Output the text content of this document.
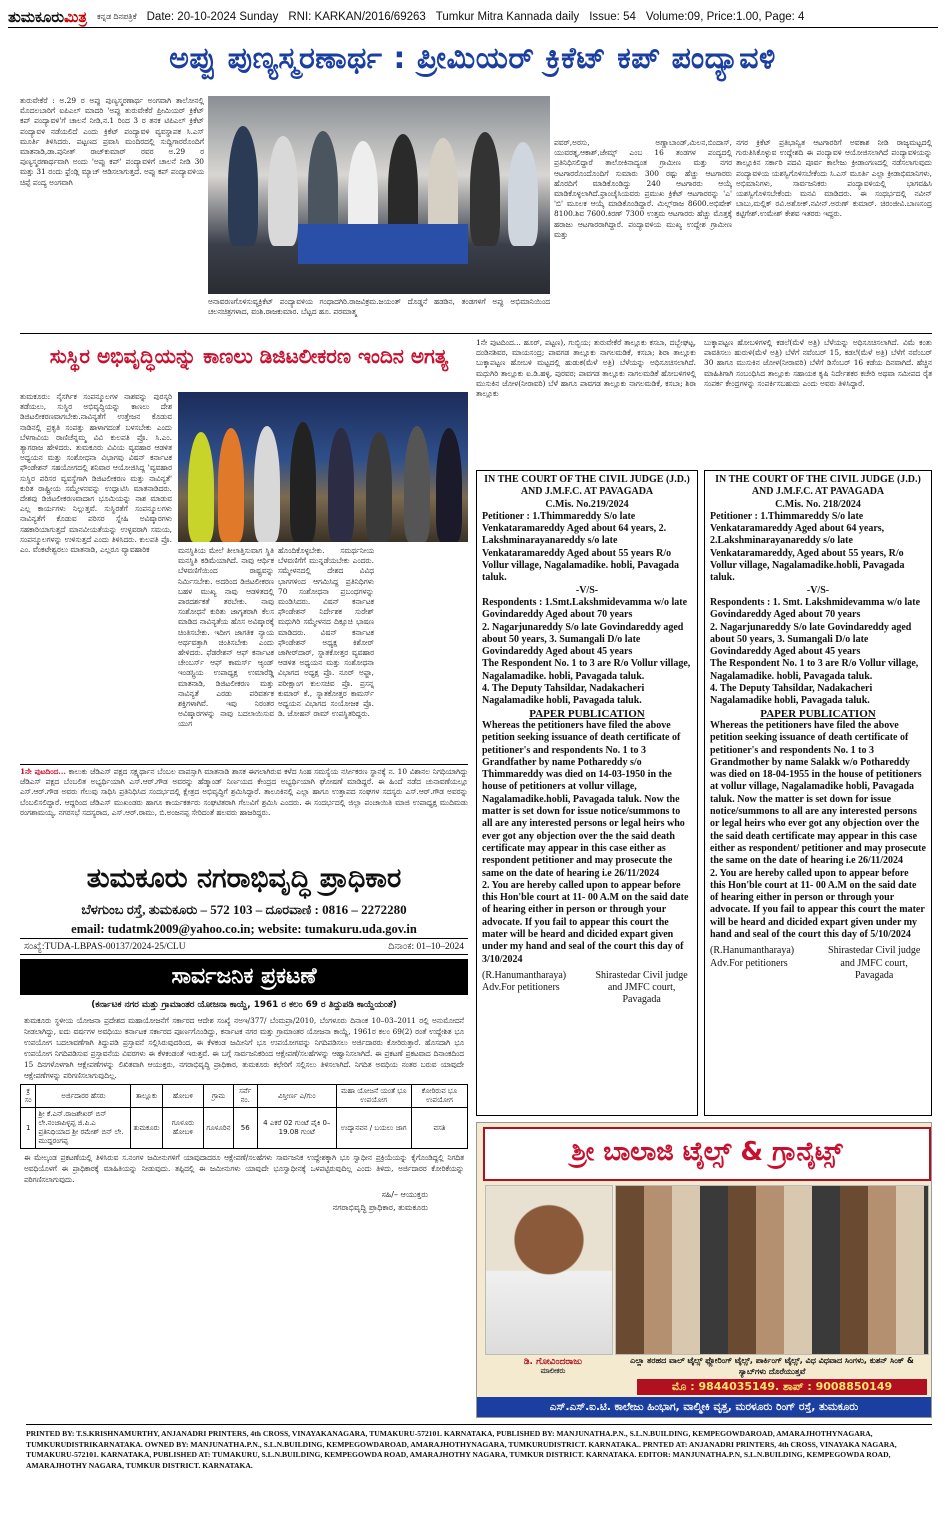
ತುಮಕೂರುಮಿತ್ರ ಕನ್ನಡ ದಿನಪತ್ರಿಕೆ Date: 20-10-2024 Sunday RNI: KARKAN/2016/69263 Tumkur Mitra Kannada daily Issue: 54 Volume:09, Price:1.00, Page: 4
ಅಪ್ಪು ಪುಣ್ಯಸ್ಮರಣಾರ್ಥ : ಪ್ರೀಮಿಯರ್ ಕ್ರಿಕೆಟ್ ಕಪ್ ಪಂದ್ಯಾವಳಿ
ತುರುವೇಕೆರೆ : ಅ.29 ರ ಅಪ್ಪು ಪುಣ್ಯಸ್ಮರಣಾರ್ಥ ಅಂಗವಾಗಿ ತಾಲೋನಲ್ಲಿ ಮೊದಲಬಾರಿಗೆ ಐಪಿಎಲ್ ಮಾದರಿ 'ಅಪ್ಪು ತುರುವೇಕೆರೆ ಪ್ರೀಮಿಯರ್ ಕ್ರಿಕೆಟ್ ಕಪ್ ಪಂದ್ಯಾವಳಿ'ಗೆ ಚಾಲನೆ ನೀಡಿ,ನ.1 ರಿಂದ 3 ರ ತನಕ ಟಿಪಿಎಲ್ ಕ್ರಿಕೆಟ್ ಪಂದ್ಯಾವಳಿ ನಡೆಯಲಿದೆ ಎಂದು ಕ್ರಿಕೆಟ್ ಪಂದ್ಯಾವಳಿ ವ್ಯವಸ್ಥಾಪಕ ಸಿ.ಎಸ್ ಮೂರ್ತಿ ತಿಳಿಸಿದರು. ಪಟ್ಟಣದ ಪ್ರವಾಸಿ ಮಂದಿರದಲ್ಲಿ ಸುದ್ದಿಗಾರರೊಂದಿಗೆ ಮಾತನಾಡಿ,ಡಾ.ಪುನೀತ್ ರಾಜ್‌ಕುಮಾರ್ ರವರ ಅ.29 ರ ಪುಣ್ಯಸ್ಮರಣಾರ್ಥವಾಗಿ ಅಂದು 'ಅಪ್ಪು ಕಪ್' ಪಂದ್ಯಾವಳಿಗೆ ಚಾಲನೆ ನೀಡಿ 30 ಮತ್ತು 31 ರಂದು ಫ್ರೆಂಡ್ಲಿ ಮ್ಯಾಚ್ ಆಡಿಸಲಾಗುತ್ತದೆ. ಅಪ್ಪು ಕಪ್ ಪಂದ್ಯಾವಳಿಯ ಚಿಪ್ಪೆ ಪಂದ್ಯ ಅಂಗವಾಗಿ
ಅನಾವರಣಗೊಳಿಸುವ್ಯಕ್ರಿಕೆಟ್ ಪಂದ್ಯಾವಳಿಯ ಗಂಧಾದಗಿರಿ.ರಾಜವಿಕ್ರಮ.ಜಯಂತ್ ದೊಡ್ಡನೆ ಹಡಡಿನ, ತಂಡಗಳಿಗೆ ಅಪ್ಪು ಅಭಿಮಾನಿಯಿಂದ ಚಲನಚಿತ್ರಗಳಾದ, ವಂಶಿ.ರಾಜಕುಮಾರ. ಬೆಟ್ಟದ ಹೂ. ಪರಮಾತ್ಮ
ಪವರ್,ಅರಸು, ಅಣ್ಣಾಬಾಂಡ್,ಮಿಲನ,ಬಿಂದಾಸ್, ಯುವರತ್ನ,ಆಕಾಶ್,ಜೇಮ್ಸ್ ಎಂಬ 16 ತಂಡಗಳ ಪಂದ್ಯದಲ್ಲಿ ಪ್ರತಿನಿಧಿಸಲಿದ್ದಾರೆ ತಾಲೋಕಿನಾದ್ಯಂತ ಗ್ರಾಮೀಣ ಮತ್ತು ನಗರ ಆಟಗಾರರೊಂದೊಂದಿಗೆ ಸುಮಾರು 300 ರಷ್ಟು ಹೆಚ್ಚು ಆಟಗಾರರು ಹೊರದಿಗೆ ಮಾಡಿಕೊಂಡಿದ್ದು 240 ಆಟಗಾರರು ಆಯ್ಕೆ ಮಾಡಿಕೊಳ್ಳಲಾಗಿದೆ.ಫ್ರಾಂಚೈಸಿಯವರು ಪ್ರಮುಖ ಕ್ರಿಕೆಟ್ ಆಟಗಾರರನ್ನು 'ಎ' 'ಬಿ' ಮೂಲಕ ಆಯ್ಕೆ ಮಾಡಿಕೊಂಡಿದ್ದಾರೆ. ಮಿಲ್ಲ್‌ರಾಜ 8600.ಅಭಿಷೇಕ್ 8100.ಶಿವ 7600.ಕಿರಣ್ 7300 ಉತ್ತಮ ಆಟಗಾರರು ಹೆಚ್ಚು ಮೊತ್ತಕ್ಕೆ ಹರಾಜು ಆಟಗಾರರಾಗಿದ್ದಾರೆ. ಪಂದ್ಯಾವಳಿಯ ಮುಖ್ಯ ಉದ್ದೇಶ ಗ್ರಾಮೀಣ ಮತ್ತು
ನಗರ ಕ್ರಿಕೆಟ್ ಪ್ರತಿಭಾನ್ವಿತ ಆಟಗಾರರಿಗೆ ಅವಕಾಶ ನೀಡಿ ರಾಜ್ಯಮಟ್ಟದಲ್ಲಿ ಗುರುತಿಸಿಕೊಳ್ಳುವ ಉದ್ದೇಶದಿ ಈ ಪಂದ್ಯಾವಳಿ ಆಯೋಜಿಸಲಾಗಿದೆ ಪಂದ್ಯಾವಳಿಯನ್ನು ತಾಲ್ಲೂಕಿನ ಸರ್ಕಾರಿ ಪದವಿ ಪೂರ್ವ ಕಾಲೇಜು ಕ್ರೀಡಾಂಗಣದಲ್ಲಿ ನಡೆಸಲಾಗುವುದು ಪಂದ್ಯಾವಳಿಯ ಯಶಸ್ವಿಗೊಳಿಸಬೇಕೆಂದು ಸಿ.ಎಸ್ ಮೂರ್ತಿ ಎಲ್ಲಾ ಕ್ರೀಡಾಭಿಮಾನಿಗಳು, ಅಭಿಮಾನಿಗಳು, ಸಾರ್ವಜನಿಕರು ಪಂದ್ಯಾವಳಿಯಲ್ಲಿ ಭಾಗವಹಿಸಿ ಯಶಸ್ವಿಗೊಳಿಸಬೇಕೆಂದು ಮನವಿ ಮಾಡಿದರು. ಈ ಸಂಧರ್ಭದಲ್ಲಿ ನವೀನ್ ಬಾಬು,ಮಲ್ಲಿಕ್ ರವಿ.ಅಶೋಕ್.ನವೀನ್.ಅರುಣ್ ಕುಮಾರ್. ಚಿರಂಜೀವಿ.ಬಾಣಸಂದ್ರ ಕಟ್ಟಿಗೇಶ್.ಉಮೇಶ್ ಕೇಶವ ಇತರರು ಇದ್ದರು.
ಸುಸ್ಥಿರ ಅಭಿವೃದ್ಧಿಯನ್ನು ಕಾಣಲು ಡಿಜಿಟಲೀಕರಣ ಇಂದಿನ ಅಗತ್ಯ
ತುಮಕೂರು: ನೈಸರ್ಗಿಕ ಸಂಪನ್ಮೂಲಗಳ ನಾಶವನ್ನು ಪುರಸ್ಕರಿ ತಡೆಯಲು, ಸುಸ್ಥಿರ ಅಭಿವೃದ್ಧಿಯನ್ನು ಕಾಣಲು ದೇಶ ಡಿಜಿಟಲೀಕರಣವಾಗಬೇಕು.ನಾವಿನ್ಯತೆಗೆ ಉತ್ತೇಜನ ಕೊಡುವ ನಾಡಿನಲ್ಲಿ ಪ್ರಕೃತಿ ಸಂಪತ್ತು ಹಾಳಾಗದಂತೆ ಬಳಸಬೇಕು ಎಂದು ಬೆಳಗಾವಿಯ ರಾಣಿಚೆನ್ನಮ್ಮ ವಿವಿ ಕುಲಪತಿ ಪ್ರೊ. ಸಿ.ಎಂ. ತ್ಯಾಗರಾಜ ಹೇಳಿದರು. ತುಮಕೂರು ವಿವಿಯ ವ್ಯವಹಾರ ಆಡಳಿತ ಅಧ್ಯಯನ ಮತ್ತು ಸಂಶೋಧನಾ ವಿಭಾಗವು ವಿಷನ್ ಕರ್ನಾಟಕ ಫೌಂಡೇಶನ್ ಸಹಯೋಗದಲ್ಲಿ ಶನಿವಾರ ಆಯೋಜಿಸಿದ್ದ 'ವ್ಯವಹಾರ ಸುಸ್ಥಿರ ಪರಿಸರ ವ್ಯವಸ್ಥೆಗಾಗಿ ಡಿಜಿಟಲೀಕರಣ ಮತ್ತು ನಾವಿನ್ಯತೆ' ಕುರಿತ ರಾಷ್ಟ್ರೀಯ ಸಮ್ಮೇಳನವನ್ನು ಉದ್ಘಾಟಿಸಿ ಮಾತನಾಡಿದರು. ದೇಶವು ಡಿಜಿಟಲೀಕರಣವಾದಾಗ ಭೂಮಿಯನ್ನು ನಾಶ ಮಾಡುವ ಎಲ್ಲ ಕಾರ್ಯಗಳು ನಿಲ್ಲುತ್ತವೆ. ಸುಸ್ಥಿರತೆಗೆ ಸಂಪನ್ಮೂಲಗಳು ನಾವಿನ್ಯತೆಗೆ ಕೊಡುವ ಪರಿಸರ ಸ್ನೇಹಿ ಅವಿಷ್ಕಾರಗಳು ಸಹಕಾರಿಯಾಗುತ್ತದೆ ಮಾನವೀಯತೆಯನ್ನು ಉಳ್ಳವರಾಗಿ ಸಮಯ, ಸಂಪನ್ಮೂಲಗಳನ್ನು ಉಳಿಸುತ್ತದೆ ಎಂದು ತಿಳಿಸಿದರು. ಕುಲಪತಿ ಪ್ರೊ. ಎಂ. ವೆಂಕಟೇಶ್ವರಲು ಮಾತನಾಡಿ, ಎಲ್ಲರೂ ವ್ಯಾವಹಾರಿಕ	ಮನಸ್ಥಿತಿಯ ಮೇಲೆ ತೀಲಾತ್ತಿಸುವಾಗ ಸ್ಥಿತಿ ಮನಸ್ಥಿತಿ ಕಡಿಮೆಯಾಗಿದೆ. ನಾವು ಆರ್ಥಿಕ ಬೆಳವಣಿಗೆಯಿಂದ ರಾಷ್ಟ್ರವನ್ನು ನಿರ್ಮಿಸಬೇಕು. ಅದರಿಂದ ಡಿಜಿಟಲೀಕರಣ ಬಹಳ ಮುಖ್ಯ ನಾವು ಆಡಳಿತದಲ್ಲಿ ಪಾರದರ್ಶಕತೆ ತರಬೇಕು. ನಾವು ಸಂಶೋಧನೆ ಕುರಿತು ಜಾಗೃತರಾಗಿ ಕೆಲಸ ಮಾಡಿದ ನಾವಿನ್ಯತೆಯ ಹೊಸ ಅವಿಷ್ಕಾರಕ್ಕೆ ಚಿಂತಿಸಬೇಕು. ಇದೀಗ ಜಾಗತಿಕ ನ್ಯಾಯ ಅರ್ಥವತ್ತಾಗಿ ಚಿಂತಿಸಬೇಕು ಎಂದು ಹೇಳಿದರು. ಫೆಡರೇಶನ್ ಆಫ್ ಕರ್ನಾಟಕ ಚೇಂಬರ್ಸ್ ಆಫ್ ಕಾಮರ್ಸ್ ಆ್ಯಂಡ್ ಇಂಡಸ್ಟ್ರಿಯ ಉಪಾಧ್ಯಕ್ಷ ಉಮಾರೆಡ್ಡಿ ಮಾತನಾಡಿ, ಡಿಜಿಟಲೀಕರಣ ಮತ್ತು ನಾವಿನ್ಯತೆ ಎರಡು ಪರಿವರ್ತಕ ಶಕ್ತಿಗಳಾಗಿವೆ. ಇವು ನಿರಂತರ ಅವಿಷ್ಕಾರಗಳನ್ನು ನಾವು ಬದಲಾಯಿಸುವ ಯುಗ
ಹೊಂದಿಕೊಳ್ಳಬೇಕು. ಸಮರ್ಥನೀಯ ಬೆಳವಣಿಗೆಗೆ ಮುನ್ನಡೆಯಬೇಕು ಎಂದರು. ಸಮ್ಮೇಳನದಲ್ಲಿ ದೇಶದ ವಿವಿಧ ಭಾಗಗಳಿಂದ ಆಗಮಿಸಿದ್ದ ಪ್ರತಿನಿಧಿಗಳು 70 ಸಂಶೋಧನಾ ಪ್ರಬಂಧಗಳನ್ನು ಮಂಡಿಸಿದರು. ವಿಷನ್ ಕರ್ನಾಟಕ ಫೌಂಡೇಶನ್ ನಿರ್ದೇಶಕ ಸುರೇಶ್ ಮಧುಗಿರಿ ಸಮ್ಮೇಳನದ ದಿಕ್ಸೂಚಿ ಭಾಷಣ ಮಾಡಿದರು. ವಿಷನ್ ಕರ್ನಾಟಕ ಫೌಂಡೇಶನ್ ಅಧ್ಯಕ್ಷ ಕಿಶೋರ್ ಜಾಗೀರ್‌ದಾರ್, ಸ್ನಾತಕೋತ್ತರ ವ್ಯವಹಾರ ಆಡಳಿತ ಅಧ್ಯಯನ ಮತ್ತು ಸಂಶೋಧನಾ ವಿಭಾಗದ ಅಧ್ಯಕ್ಷ ಪ್ರೊ. ನೂರ್ ಅಫ್ಜಾ, ಪರೀಕ್ಷಾಂಗ ಕುಲಸಚಿವ ಪ್ರೊ. ಪ್ರಸನ್ನ ಕುಮಾರ್ ಕೆ., ಸ್ನಾತಕೋತ್ತರ ಕಾಮರ್ಸ್ ಅಧ್ಯಯನ ವಿಭಾಗದ ಸಂಯೋಜಕ ಪ್ರೊ. ಡಿ. ಜೋಹನ್ ರಾಮ್ ಉಪಸ್ಥಿತರಿದ್ದರು.
1ನೇ ಪುಟದಿಂದ... ಹೂರ್, ಪಟ್ಟಣ), ಗುಬ್ಬಿಯ; ತುರುವೇಕೆರೆ ತಾಲ್ಲೂಕು ಕಸಬಾ, ದಬ್ಬೇಘಟ್ಟ, ದಂಡಿನಶಿವರ, ಮಾಯಸಂದ್ರ; ಪಾವಗಡ ತಾಲ್ಲೂಕು ನಾಗಲಮಡಿಕೆ, ಕಸಬಾ; ಶಿರಾ ತಾಲ್ಲೂಕು ಬುಕ್ಕಾಪಟ್ಟಣ ಹೋಬಳಿ ಮಟ್ಟದಲ್ಲಿ ಹುಡುಕ(ಮೆಳೆ ಅತ್ರಿ) ಬೆಳೆಯನ್ನು ಅಧಿಸೂಚಿಸಲಾಗಿದೆ. ಮಧುಗಿರಿ ತಾಲ್ಲೂಕು ಐ.ಡಿ.ಹಳ್ಳಿ, ಪುರವರ; ಪಾವಗಡ ತಾಲ್ಲೂಕು ನಾಗಲಮಡಿಕೆ ಹೋಬಳಿಗಳಲ್ಲಿ ಮುಸುಕಿನ ಜೋಳ(ನೀರಾವರಿ) ಬೆಳೆ ಹಾಗೂ ಪಾವಗಡ ತಾಲ್ಲೂಕು ನಾಗಲಮಡಿಕೆ, ಕಸಬಾ; ಶಿರಾ ತಾಲ್ಲೂಕು
ಬುಕ್ಕಾಪಟ್ಟಣ ಹೋಬಳಿಗಳಲ್ಲಿ ಕಡಲೆ(ಮೆಳೆ ಅತ್ರಿ) ಬೆಳೆಯನ್ನು ಅಧಿಸೂಚಿಸಲಾಗಿದೆ. ವಿಮೆ ಕಂತು ಪಾವತಿಸಲು ಹುರುಳಿ(ಮೆಳೆ ಅತ್ರಿ) ಬೆಳೆಗೆ ನವೆಂಬರ್ 15, ಕಡಲೆ(ಮೆಳೆ ಅತ್ರಿ) ಬೆಳೆಗೆ ನವೆಂಬರ್ 30 ಹಾಗೂ ಮುಸುಕಿನ ಜೋಳ(ನೀರಾವರಿ) ಬೆಳೆಗೆ ಡಿಸೆಂಬರ್ 16 ಕಡೆಯ ದಿನವಾಗಿದೆ. ಹೆಚ್ಚಿನ ಮಾಹಿತಿಗಾಗಿ ಸಂಬಂಧಿಸಿದ ತಾಲ್ಲೂಕು ಸಹಾಯಕ ಕೃಷಿ ನಿರ್ದೇಶಕರ ಕಚೇರಿ ಅಥವಾ ಸಮೀಪದ ರೈತ ಸಂಪರ್ಕ ಕೇಂದ್ರಗಳನ್ನು ಸಂಪರ್ಕಿಸಬಹುದು ಎಂದು ಅವರು ತಿಳಿಸಿದ್ದಾರೆ.
1ನೇ ಪುಟದಿಂದ... ಕಾಲುಕು ಜೆಡಿಎಸ್ ಪಕ್ಷದ ಸಕ್ಷ್ಯರ್ಥಾನ ಬೆಂಬಲ ವಾಪಸ್ಸಾಗಿ ಮಾತನಾಡಿ ಶಾಸಕ ಈಗಲಾಗಿರುವ ಕಳೆದ ಸಿಂಹ ಸಮಸ್ಯೆಯ ನರ್ಸೀಕರಣ ಸ್ಥಾನಕ್ಕೆ ನ. 10 ವಿಶಾನಲ ನಿಗಧಿಯಾಗಿದ್ದು ಜೆಡಿಎಸ್ ಪಕ್ಷದ ಬೆಂಬಲಿತ ಅಭ್ಯರ್ಥಿಯಾಗಿ ಎಸ್.ಆರ್.ಗೌಡ ಅವರನ್ನು ಹೆಡ್ಮಾಂಡ್ ನಿರ್ಣಯದ ಕೇಂದ್ರದ ಅಭ್ಯರ್ಥಿಯಾಗಿ ಘೋಷಣೆ ಮಾಡಿದ್ದರೆ. ಈ ಹಿಂದೆ ನಡೆದ ಚುನಾವಣೆಯಲ್ಲೂ ಎಸ್.ಆರ್.ಗೌಡ ಅವರು ಗೆಲುವು ಸಾಧಿಸಿ ಪ್ರತಿನಿಧಿಸಿದ ಸಂದರ್ಭದಲ್ಲಿ ಕ್ಷೇತ್ರದ ಅಭಿವೃದ್ಧಿಗೆ ಶ್ರಮಿಸಿದ್ದಾರೆ. ತಾಲೂಕಿನಲ್ಲಿ ಎಲ್ಲಾ ಹಾಗೂ ಉತ್ತಾಪದ ಸಂಘಗಳ ಸದಸ್ಯರು ಎಸ್.ಆರ್.ಗೌಡ ಅವರನ್ನು ಬೆಂಬಲಿಸಲಿದ್ದಾರೆ. ಆದ್ದರಿಂದ ಜೆಡಿಎಸ್ ಮುಖಂಡರು ಹಾಗೂ ಕಾರ್ಯಕರ್ತರು ಸಂಘಟಿತರಾಗಿ ಗೆಲುವಿಗೆ ಶ್ರಮಿಸಿ ಎಂದರು. ಈ ಸಂದರ್ಭದಲ್ಲಿ ಜಿಲ್ಲಾ ಪಂಚಾಯಿತಿ ಮಾಜಿ ಉಪಾಧ್ಯಕ್ಷ ಮುದಿಮಡು ರಂಗಶಾಮಯ್ಯ, ನಗರಸಭೆ ಸದಸ್ಯರಾದ, ಎಸ್.ಆರ್.ರಾಮು, ಬಿ.ಅಂಜನಪ್ಪ ಸೇರಿದಂತೆ ಹಲವರು ಹಾಜರಿದ್ದರು.
IN THE COURT OF THE CIVIL JUDGE (J.D.) AND J.M.F.C. AT PAVAGADA
C.Mis. No.219/2024
Petitioner : 1.Thimmareddy S/o late Venkataramareddy Aged about 64 years, 2. Lakshminarayanareddy s/o late Venkataramareddy Aged about 55 years R/o Vollur village, Nagalamadike. hobli, Pavagada taluk.
-V/S-
Respondents : 1.Smt.Lakshmidevamma w/o late Govindareddy Aged about 70 years
2. Nagarjunareddy S/o late Govindareddy aged about 50 years, 3. Sumangali D/o late Govindareddy Aged about 45 years
The Respondent No. 1 to 3 are R/o Vollur village, Nagalamadike. hobli, Pavagada taluk.
4. The Deputy Tahsildar, Nadakacheri Nagalamadike hobli, Pavagada taluk.
PAPER PUBLICATION
Whereas the petitioners have filed the above petition seeking issuance of death certificate of petitioner's and respondents No. 1 to 3 Grandfather by name Pothareddy s/o Thimmareddy was died on 14-03-1950 in the house of petitioners at vollur village, Nagalamadike.hobli, Pavagada taluk. Now the matter is set down for issue notice/summons to all are any interested persons or legal heirs who ever got any objection over the the said death certificate may appear in this case either as respondent petitioner and may prosecute the same on the date of hearing i.e 26/11/2024
2. You are hereby called upon to appear before this Hon'ble court at 11- 00 A.M on the said date of hearing either in person or through your advocate. If you fail to appear this court the mater will be heard and dicided expart given under my hand and seal of the court this day of 3/10/2024
(R.Hanumantharaya) Adv.For petitioners
Shirastedar Civil judge and JMFC court, Pavagada
IN THE COURT OF THE CIVIL JUDGE (J.D.) AND J.M.F.C. AT PAVAGADA
C.Mis. No. 218/2024
Petitioner : 1.Thimmareddy S/o late Venkataramareddy Aged about 64 years, 2.Lakshminarayanareddy s/o late Venkataramareddy, Aged about 55 years, R/o Vollur village, Nagalamadike.hobli, Pavagada taluk.
-V/S-
Respondents : 1. Smt. Lakshmidevamma w/o late Govindareddy Aged about 70 years
2. Nagarjunareddy S/o late Govindareddy aged about 50 years, 3. Sumangali D/o late Govindareddy Aged about 45 years
The Respondent No. 1 to 3 are R/o Vollur village, Nagalamadike. hobli, Pavagada taluk.
4. The Deputy Tahsildar, Nadakacheri Nagalamadike hobli, Pavagada taluk.
PAPER PUBLICATION
Whereas the petitioners have filed the above petition seeking issuance of death certificate of petitioner's and respondents No. 1 to 3 Grandmother by name Salakk w/o Pothareddy was died on 18-04-1955 in the house of petitioners at vollur village, Nagalamadike hobli, Pavagada taluk. Now the matter is set down for issue notice/summons to all are any interested persons or legal heirs who ever got any objection over the the said death certificate may appear in this case either as respondent/ petitioner and may prosecute the same on the date of hearing i.e 26/11/2024
2. You are hereby called upon to appear before this Hon'ble court at 11- 00 A.M on the said date of hearing either in person or through your advocate. If you fail to appear this court the mater will be heard and dicided expart given under my hand and seal of the court this day of 5/10/2024
(R.Hanumantharaya) Adv.For petitioners
Shirastedar Civil judge and JMFC court, Pavagada
ತುಮಕೂರು ನಗರಾಭಿವೃದ್ಧಿ ಪ್ರಾಧಿಕಾರ
ಬೆಳಗುಂಬ ರಸ್ತೆ, ತುಮಕೂರು – 572 103 – ದೂರವಾಣಿ : 0816 – 2272280
email: tudatmk2009@yahoo.co.in; website: tumakuru.uda.gov.in
ಸಂಖ್ಯೆ:TUDA-LBPAS-00137/2024-25/CLU	ದಿನಾಂಕ: 01–10–2024
ಸಾರ್ವಜನಿಕ ಪ್ರಕಟಣೆ
(ಕರ್ನಾಟಕ ನಗರ ಮತ್ತು ಗ್ರಾಮಾಂತರ ಯೋಜನಾ ಕಾಯ್ದೆ, 1961 ರ ಕಲಂ 69 ರ ತಿದ್ದುಪಡಿ ಕಾಯ್ದೆಯಂತೆ)
ತುಮಕೂರು ಸ್ಥಳೀಯ ಯೋಜನಾ ಪ್ರದೇಶದ ಮಹಾಯೋಜನೆಗೆ ಸರ್ಕಾರದ ಆದೇಶ ಸಂಖ್ಯೆ ನಅಇ/377/ ಬೆಂಮಪ್ರಾ/2010, ಬೆಂಗಳೂರು ದಿನಾಂಕ 10–03–2011 ರಲ್ಲಿ ಅನುಮೋದನೆ ನೀಡಲಾಗಿದ್ದು, ಐದು ವರ್ಷಗಳ ಅವಧಿಯು ಕರ್ನಾಟಕ ಸರ್ಕಾರದ ಪೂರ್ಣಗೊಂಡಿದ್ದು, ಕರ್ನಾಟಕ ನಗರ ಮತ್ತು ಗ್ರಾಮಾಂತರ ಯೋಜನಾ ಕಾಯ್ದೆ, 1961ರ ಕಲಂ 69(2) ರಂತೆ ಉದ್ದೇಶಿತ ಭೂ ಉಪಯೋಗ ಬದಲಾವಣೆಗಾಗಿ ತಿದ್ದುಪಡಿ ಪ್ರಸ್ತಾವನೆ ಸಲ್ಲಿಸಿರುವುದರಿಂದ, ಈ ಕೆಳಕಂಡ ಜಮೀನಿಗೆ ಭೂ ಉಪಯೋಗವನ್ನು ನಿಗದಿಪಡಿಸಲು ಅರ್ಜಿದಾರರು ಕೋರಿರುತ್ತಾರೆ. ಹೊಸದಾಗಿ ಭೂ ಉಪಯೋಗ ನಿಗದಿಪಡಿಸುವ ಪ್ರಸ್ತಾವನೆಯ ವಿವರಗಳು ಈ ಕೆಳಕಂಡಂತೆ ಇರುತ್ತವೆ. ಈ ಬಗ್ಗೆ ಸಾರ್ವಜನಿಕರಿಂದ ಆಕ್ಷೇಪಣೆ/ಸಲಹೆಗಳನ್ನು ಆಹ್ವಾನಿಸಲಾಗಿದೆ. ಈ ಪ್ರಕಟಣೆ ಪ್ರಕಟವಾದ ದಿನಾಂಕದಿಂದ 15 ದಿನಗಳೊಳಗಾಗಿ ಆಕ್ಷೇಪಣೆಗಳನ್ನು ಲಿಖಿತವಾಗಿ ಆಯುಕ್ತರು, ನಗರಾಭಿವೃದ್ಧಿ ಪ್ರಾಧಿಕಾರ, ತುಮಕೂರು ಕಛೇರಿಗೆ ಸಲ್ಲಿಸಲು ತಿಳಿಸಲಾಗಿದೆ. ನಿಗದಿತ ಅವಧಿಯ ನಂತರ ಬರುವ ಯಾವುದೇ ಆಕ್ಷೇಪಣೆಗಳನ್ನು ಪರಿಗಣಿಸಲಾಗುವುದಿಲ್ಲ.
ಕ್ರ ಸಂ	ಅರ್ಜಿದಾರರ ಹೆಸರು	ತಾಲ್ಲೂಕು	ಹೋಬಳಿ	ಗ್ರಾಮ	ಸರ್ವೆ ನಂ.	ವಿಸ್ತೀರ್ಣ ಎ/ಗುಂ	ಮಹಾ ಯೋಜನೆ ಯಂತೆ ಭೂ ಉಪಯೋಗ	ಕೋರಿರುವ ಭೂ ಉಪಯೋಗ
1	ಶ್ರೀ ಕೆ.ಎನ್.ರಾಜಶೇಖರ್ ಬಿನ್ ಲೇ.ನಂಜಾಪಿಳ್ಳಪ್ಪ ಜಿ.ಪಿ.ಎ ಪ್ರತಿನಿಧಿಯಾದ ಶ್ರೀ ರಮೇಶ್ ಬಿನ್ ಲೇ. ಮುದ್ದರಂಗಪ್ಪ	ತುಮಕೂರು	ಗೂಳೂರು ಹೋಬಳಿ	ಗೂಳೂರಿನ	56	4 ಎಕರೆ 02 ಗುಂಟೆ ಪೈಕಿ 0–19.08 ಗುಂಟೆ	ಉದ್ಯಾನವನ / ಬಯಲು ಜಾಗ	ವಸತಿ
ಈ ಮೇಲ್ಕಂಡ ಪ್ರಕಟಣೆಯಲ್ಲಿ ತಿಳಿಸಿರುವ ಸ.ನಂಗಳ ಜಮೀನುಗಳಿಗೆ ಯಾವುದಾದರೂ ಆಕ್ಷೇಪಣೆ/ಸಲಹೆಗಳು ಸಾರ್ವಜನಿಕ ಉದ್ದೇಶಕ್ಕಾಗಿ ಭೂ ಸ್ವಾಧೀನ ಪ್ರಕ್ರಿಯೆಯನ್ನು ಕೈಗೊಂಡಿದ್ದಲ್ಲಿ ನಿಗದಿತ ಅವಧಿಯೊಳಗೆ ಈ ಪ್ರಾಧಿಕಾರಕ್ಕೆ ಮಾಹಿತಿಯನ್ನು ನೀಡುವುದು. ತಪ್ಪಿದಲ್ಲಿ ಈ ಜಮೀನುಗಳು ಯಾವುದೇ ಭೂಸ್ವಾಧೀನಕ್ಕೆ ಒಳಪಟ್ಟಿರುವುದಿಲ್ಲ ಎಂದು ತಿಳಿದು, ಅರ್ಜಿದಾರರ ಕೋರಿಕೆಯನ್ನು ಪರಿಗಣಿಸಲಾಗುವುದು.
ಸಹಿ/– ಆಯುಕ್ತರು
ನಗರಾಭಿವೃದ್ಧಿ ಪ್ರಾಧಿಕಾರ, ತುಮಕೂರು
ಶ್ರೀ ಬಾಲಾಜಿ ಟೈಲ್ಸ್ & ಗ್ರಾನೈಟ್ಸ್
ಡಿ. ಗೋವಿಂದರಾಜು
ಮಾಲೀಕರು
ಎಲ್ಲಾ ತರಹದ ವಾಲ್ ಟೈಲ್ಸ್ ಫ್ಲೋರಿಂಗ್ ಟೈಲ್ಸ್, ಪಾರ್ಕಿಂಗ್ ಟೈಲ್ಸ್, ವಿಧ ವಿಧವಾದ ಸಿಂಗಳು, ಕುಶನ್ ಸಿಂಕ್ & ಸ್ಯಾಬ್‌ಗಳು ದೊರೆಯುತ್ತವೆ
ಮೊ : 9844035149. ಶಾಪ್ : 9008850149
ಎಸ್.ಎಸ್.ಐ.ಟಿ. ಕಾಲೇಜು ಹಿಂಭಾಗ, ವಾಲ್ಮೀಕಿ ವೃತ್ತ, ಮರಳೂರು ರಿಂಗ್ ರಸ್ತೆ, ತುಮಕೂರು
PRINTED BY: T.S.KRISHNAMURTHY, ANJANADRI PRINTERS, 4th CROSS, VINAYAKANAGARA, TUMAKURU-572101. KARNATAKA, PUBLISHED BY: MANJUNATHA.P.N., S.L.N.BUILDING, KEMPEGOWDAROAD, AMARAJHOTHYNAGARA, TUMKURUDISTRIKARNATAKA. OWNED BY: MANJUNATHA.P.N., S.L.N.BUILDING, KEMPEGOWDAROAD, AMARAJHOTHYNAGARA, TUMKURUDISTRICT. KARNATAKA.. PRNTED AT: ANJANADRI PRINTERS, 4th CROSS, VINAYAKA NAGARA, TUMAKURU-572101. KARNATAKA, PUBLISHED AT: TUMAKURU, S.L.N.BUILDING, KEMPEGOWDA ROAD, AMARAJHOTHY NAGARA, TUMKUR DISTRICT. KARNATAKA. EDITOR: MANJUNATHA.P.N, S.L.N.BUILDING, KEMPEGOWDA ROAD, AMARAJHOTHY NAGARA, TUMKUR DISTRICT. KARNATAKA.
